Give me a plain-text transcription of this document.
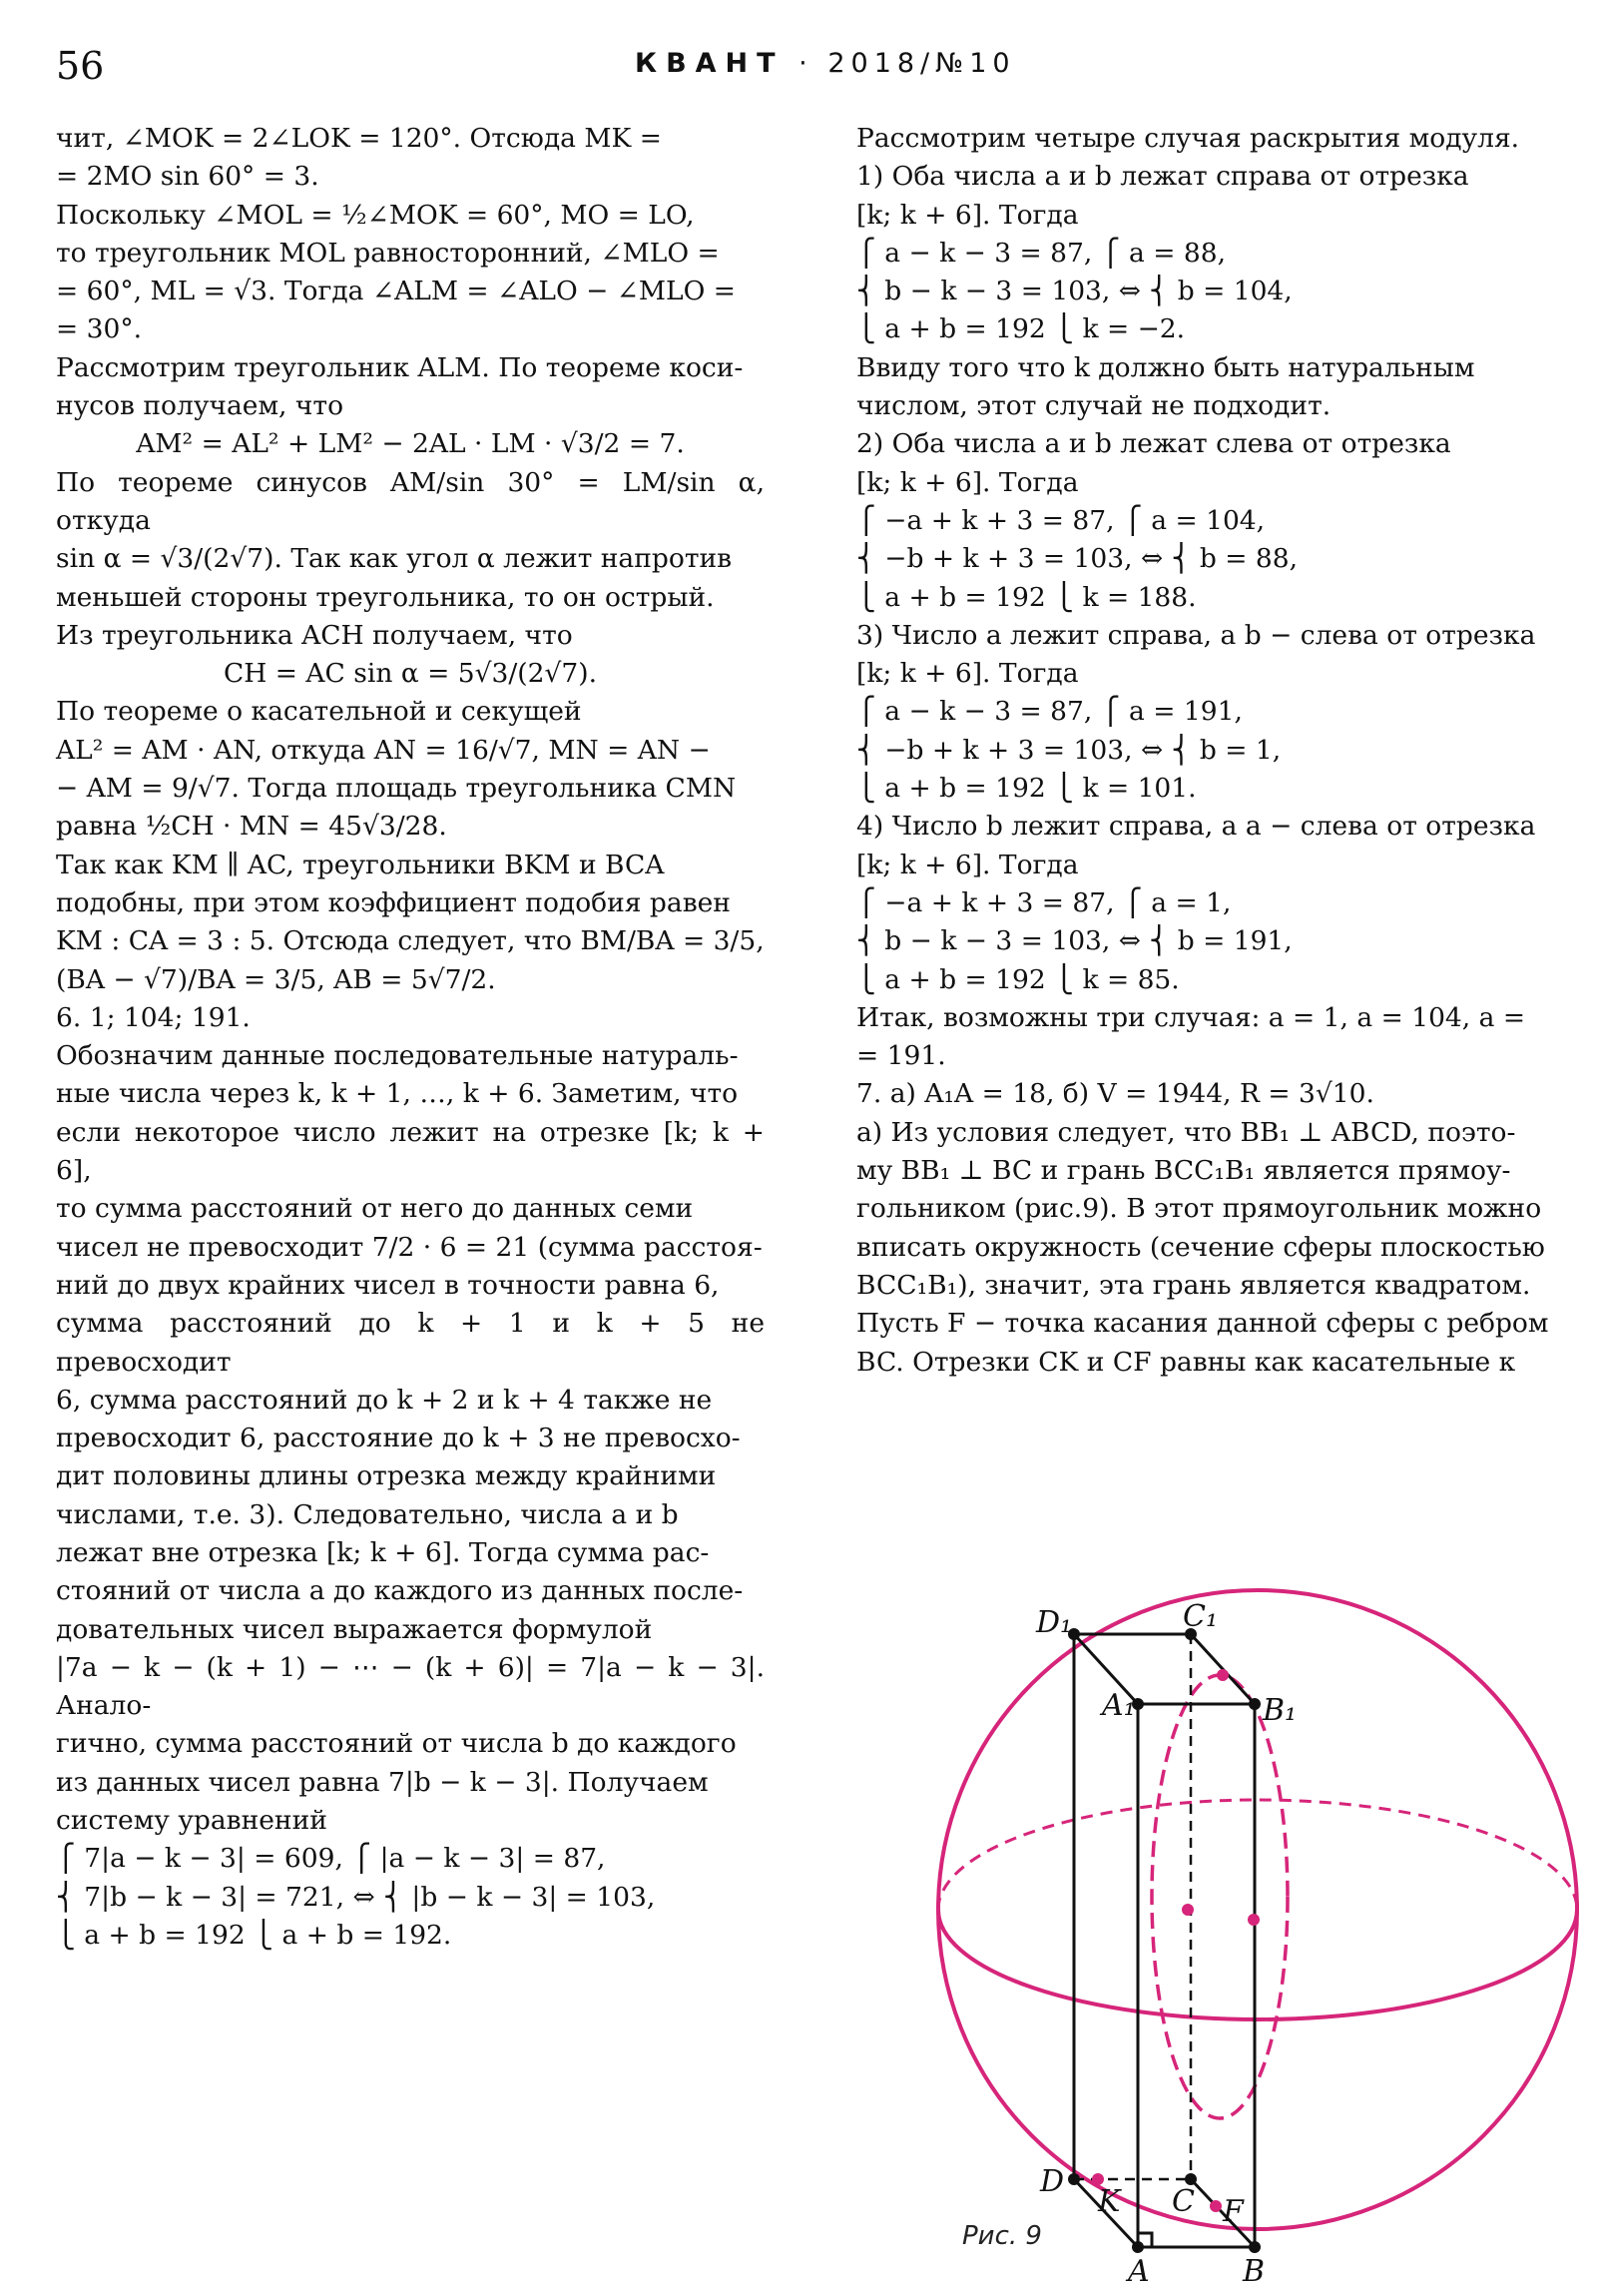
56	КВАНТ · 2018/№10
чит, ∠MOK = 2∠LOK = 120°. Отсюда MK =
= 2MO sin 60° = 3.
Поскольку ∠MOL = ½∠MOK = 60°, MO = LO,
то треугольник MOL равносторонний, ∠MLO =
= 60°, ML = √3. Тогда ∠ALM = ∠ALO − ∠MLO =
= 30°.
Рассмотрим треугольник ALM. По теореме коси-
нусов получаем, что
AM² = AL² + LM² − 2AL · LM · √3/2 = 7.
По теореме синусов AM/sin 30° = LM/sin α, откуда
sin α = √3/(2√7). Так как угол α лежит напротив
меньшей стороны треугольника, то он острый.
Из треугольника ACH получаем, что
CH = AC sin α = 5√3/(2√7).
По теореме о касательной и секущей
AL² = AM · AN, откуда AN = 16/√7, MN = AN −
− AM = 9/√7. Тогда площадь треугольника CMN
равна ½CH · MN = 45√3/28.
Так как KM ∥ AC, треугольники BKM и BCA
подобны, при этом коэффициент подобия равен
KM : CA = 3 : 5. Отсюда следует, что BM/BA = 3/5,
(BA − √7)/BA = 3/5, AB = 5√7/2.
6. 1; 104; 191.
Обозначим данные последовательные натураль-
ные числа через k, k + 1, …, k + 6. Заметим, что
если некоторое число лежит на отрезке [k; k + 6],
то сумма расстояний от него до данных семи
чисел не превосходит 7/2 · 6 = 21 (сумма расстоя-
ний до двух крайних чисел в точности равна 6,
сумма расстояний до k + 1 и k + 5 не превосходит
6, сумма расстояний до k + 2 и k + 4 также не
превосходит 6, расстояние до k + 3 не превосхо-
дит половины длины отрезка между крайними
числами, т.е. 3). Следовательно, числа a и b
лежат вне отрезка [k; k + 6]. Тогда сумма рас-
стояний от числа a до каждого из данных после-
довательных чисел выражается формулой
|7a − k − (k + 1) − ⋯ − (k + 6)| = 7|a − k − 3|. Анало-
гично, сумма расстояний от числа b до каждого
из данных чисел равна 7|b − k − 3|. Получаем
систему уравнений
⎧ 7|a − k − 3| = 609, ⎧ |a − k − 3| = 87,
⎨ 7|b − k − 3| = 721, ⇔ ⎨ |b − k − 3| = 103,
⎩ a + b = 192 ⎩ a + b = 192.
Рассмотрим четыре случая раскрытия модуля.
1) Оба числа a и b лежат справа от отрезка
[k; k + 6]. Тогда
⎧ a − k − 3 = 87, ⎧ a = 88,
⎨ b − k − 3 = 103, ⇔ ⎨ b = 104,
⎩ a + b = 192 ⎩ k = −2.
Ввиду того что k должно быть натуральным
числом, этот случай не подходит.
2) Оба числа a и b лежат слева от отрезка
[k; k + 6]. Тогда
⎧ −a + k + 3 = 87, ⎧ a = 104,
⎨ −b + k + 3 = 103, ⇔ ⎨ b = 88,
⎩ a + b = 192 ⎩ k = 188.
3) Число a лежит справа, а b − слева от отрезка
[k; k + 6]. Тогда
⎧ a − k − 3 = 87, ⎧ a = 191,
⎨ −b + k + 3 = 103, ⇔ ⎨ b = 1,
⎩ a + b = 192 ⎩ k = 101.
4) Число b лежит справа, а a − слева от отрезка
[k; k + 6]. Тогда
⎧ −a + k + 3 = 87, ⎧ a = 1,
⎨ b − k − 3 = 103, ⇔ ⎨ b = 191,
⎩ a + b = 192 ⎩ k = 85.
Итак, возможны три случая: a = 1, a = 104, a =
= 191.
7. а) A₁A = 18, б) V = 1944, R = 3√10.
а) Из условия следует, что BB₁ ⊥ ABCD, поэто-
му BB₁ ⊥ BC и грань BCC₁B₁ является прямоу-
гольником (рис.9). В этот прямоугольник можно
вписать окружность (сечение сферы плоскостью
BCC₁B₁), значит, эта грань является квадратом.
Пусть F − точка касания данной сферы с ребром
BC. Отрезки CK и CF равны как касательные к
D₁	C₁
A₁	B₁
D
K C F
A	B
Рис. 9
